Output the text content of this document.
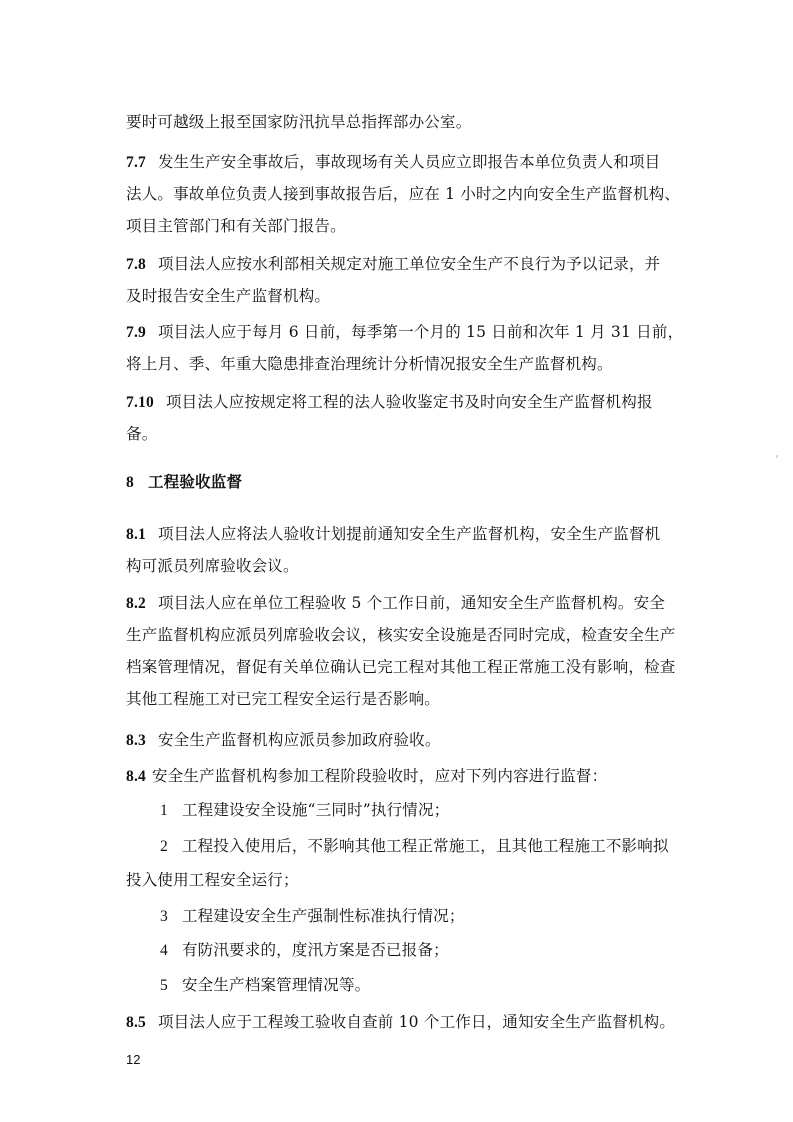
要时可越级上报至国家防汛抗旱总指挥部办公室。
7.7 发生生产安全事故后，事故现场有关人员应立即报告本单位负责人和项目
法人。事故单位负责人接到事故报告后，应在 1 小时之内向安全生产监督机构、
项目主管部门和有关部门报告。
7.8 项目法人应按水利部相关规定对施工单位安全生产不良行为予以记录，并
及时报告安全生产监督机构。
7.9 项目法人应于每月 6 日前，每季第一个月的 15 日前和次年 1 月 31 日前，
将上月、季、年重大隐患排查治理统计分析情况报安全生产监督机构。
7.10 项目法人应按规定将工程的法人验收鉴定书及时向安全生产监督机构报
备。
8 工程验收监督
8.1 项目法人应将法人验收计划提前通知安全生产监督机构，安全生产监督机
构可派员列席验收会议。
8.2 项目法人应在单位工程验收 5 个工作日前，通知安全生产监督机构。安全
生产监督机构应派员列席验收会议，核实安全设施是否同时完成，检查安全生产
档案管理情况，督促有关单位确认已完工程对其他工程正常施工没有影响，检查
其他工程施工对已完工程安全运行是否影响。
8.3 安全生产监督机构应派员参加政府验收。
8.4 安全生产监督机构参加工程阶段验收时，应对下列内容进行监督：
1 工程建设安全设施“三同时”执行情况；
2 工程投入使用后，不影响其他工程正常施工，且其他工程施工不影响拟
投入使用工程安全运行；
3 工程建设安全生产强制性标准执行情况；
4 有防汛要求的，度汛方案是否已报备；
5 安全生产档案管理情况等。
8.5 项目法人应于工程竣工验收自查前 10 个工作日，通知安全生产监督机构。
12
